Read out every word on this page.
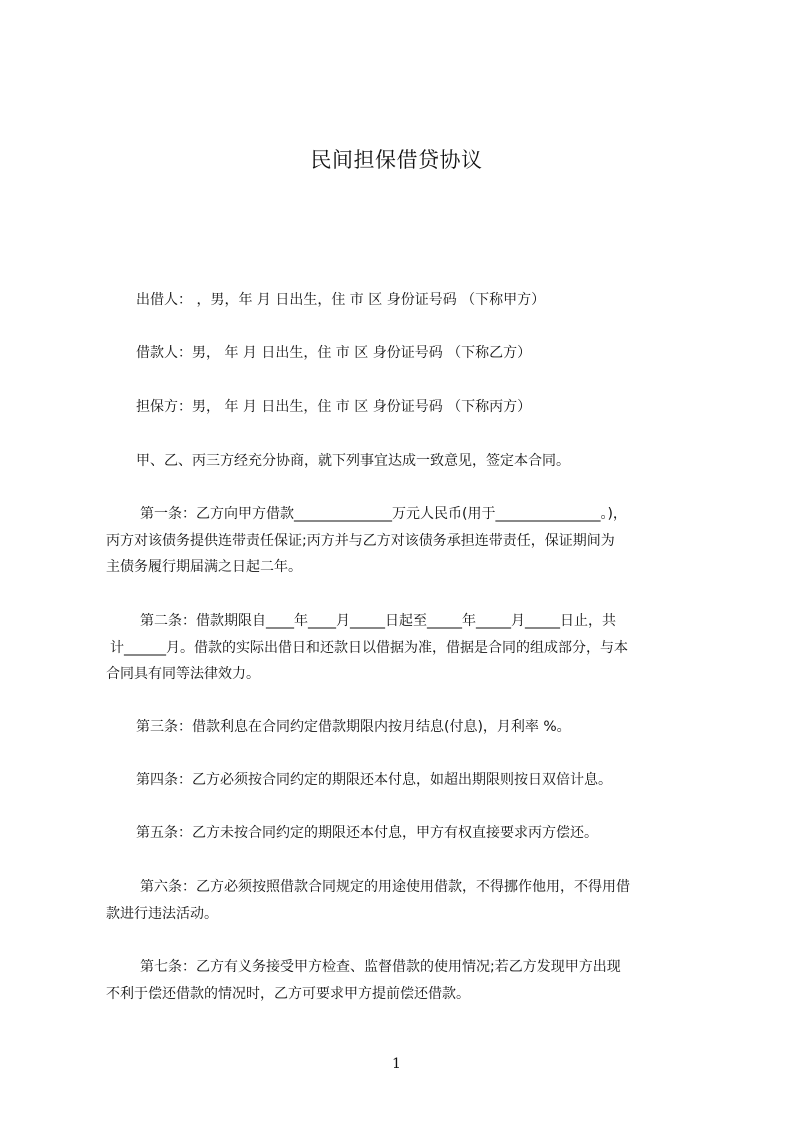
民间担保借贷协议

出借人： ，男，年 月 日出生，住 市 区 身份证号码 （下称甲方）

借款人：男， 年 月 日出生，住 市 区 身份证号码 （下称乙方）

担保方：男， 年 月 日出生，住 市 区 身份证号码 （下称丙方）

甲、乙、丙三方经充分协商，就下列事宜达成一致意见，签定本合同。

第一条：乙方向甲方借款______________万元人民币(用于_______________。)，
丙方对该债务提供连带责任保证;丙方并与乙方对该债务承担连带责任，保证期间为
主债务履行期届满之日起二年。

第二条：借款期限自____年____月_____日起至_____年_____月_____日止，共
计______月。借款的实际出借日和还款日以借据为准，借据是合同的组成部分，与本
合同具有同等法律效力。

第三条：借款利息在合同约定借款期限内按月结息(付息)，月利率 %。

第四条：乙方必须按合同约定的期限还本付息，如超出期限则按日双倍计息。

第五条：乙方未按合同约定的期限还本付息，甲方有权直接要求丙方偿还。

第六条：乙方必须按照借款合同规定的用途使用借款，不得挪作他用，不得用借
款进行违法活动。

第七条：乙方有义务接受甲方检查、监督借款的使用情况;若乙方发现甲方出现
不利于偿还借款的情况时，乙方可要求甲方提前偿还借款。

1
